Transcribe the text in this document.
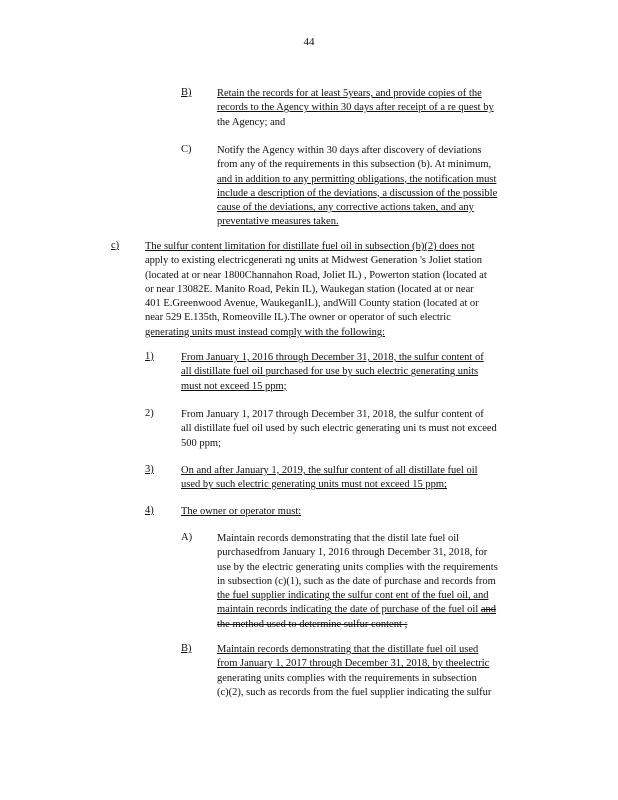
44
B) Retain the records for at least 5years, and provide copies of the
records to the Agency within 30 days after receipt of a re quest by
the Agency; and
C) Notify the Agency within 30 days after discovery of deviations
from any of the requirements in this subsection (b). At minimum,
and in addition to any permitting obligations, the notification must
include a description of the deviations, a discussion of the possible
cause of the deviations, any corrective actions taken, and any
preventative measures taken.
c) The sulfur content limitation for distillate fuel oil in subsection (b)(2) does not
apply to existing electricgenerati ng units at Midwest Generation 's Joliet station
(located at or near 1800Channahon Road, Joliet IL) , Powerton station (located at
or near 13082E. Manito Road, Pekin IL), Waukegan station (located at or near
401 E.Greenwood Avenue, WaukeganIL), andWill County station (located at or
near 529 E.135th, Romeoville IL).The owner or operator of such electric
generating units must instead comply with the following:
1)	From January 1, 2016 through December 31, 2018, the sulfur content of
all distillate fuel oil purchased for use by such electric generating units
must not exceed 15 ppm;
2)	From January 1, 2017 through December 31, 2018, the sulfur content of
all distillate fuel oil used by such electric generating uni ts must not exceed
500 ppm;
3)	On and after January 1, 2019, the sulfur content of all distillate fuel oil
used by such electric generating units must not exceed 15 ppm;
4)	The owner or operator must:
A) Maintain records demonstrating that the distil late fuel oil
purchasedfrom January 1, 2016 through December 31, 2018, for
use by the electric generating units complies with the requirements
in subsection (c)(1), such as the date of purchase and records from
the fuel supplier indicating the sulfur cont ent of the fuel oil, and
maintain records indicating the date of purchase of the fuel oil and
the method used to determine sulfur content ;
B) Maintain records demonstrating that the distillate fuel oil used
from January 1, 2017 through December 31, 2018, by theelectric
generating units complies with the requirements in subsection
(c)(2), such as records from the fuel supplier indicating the sulfur
